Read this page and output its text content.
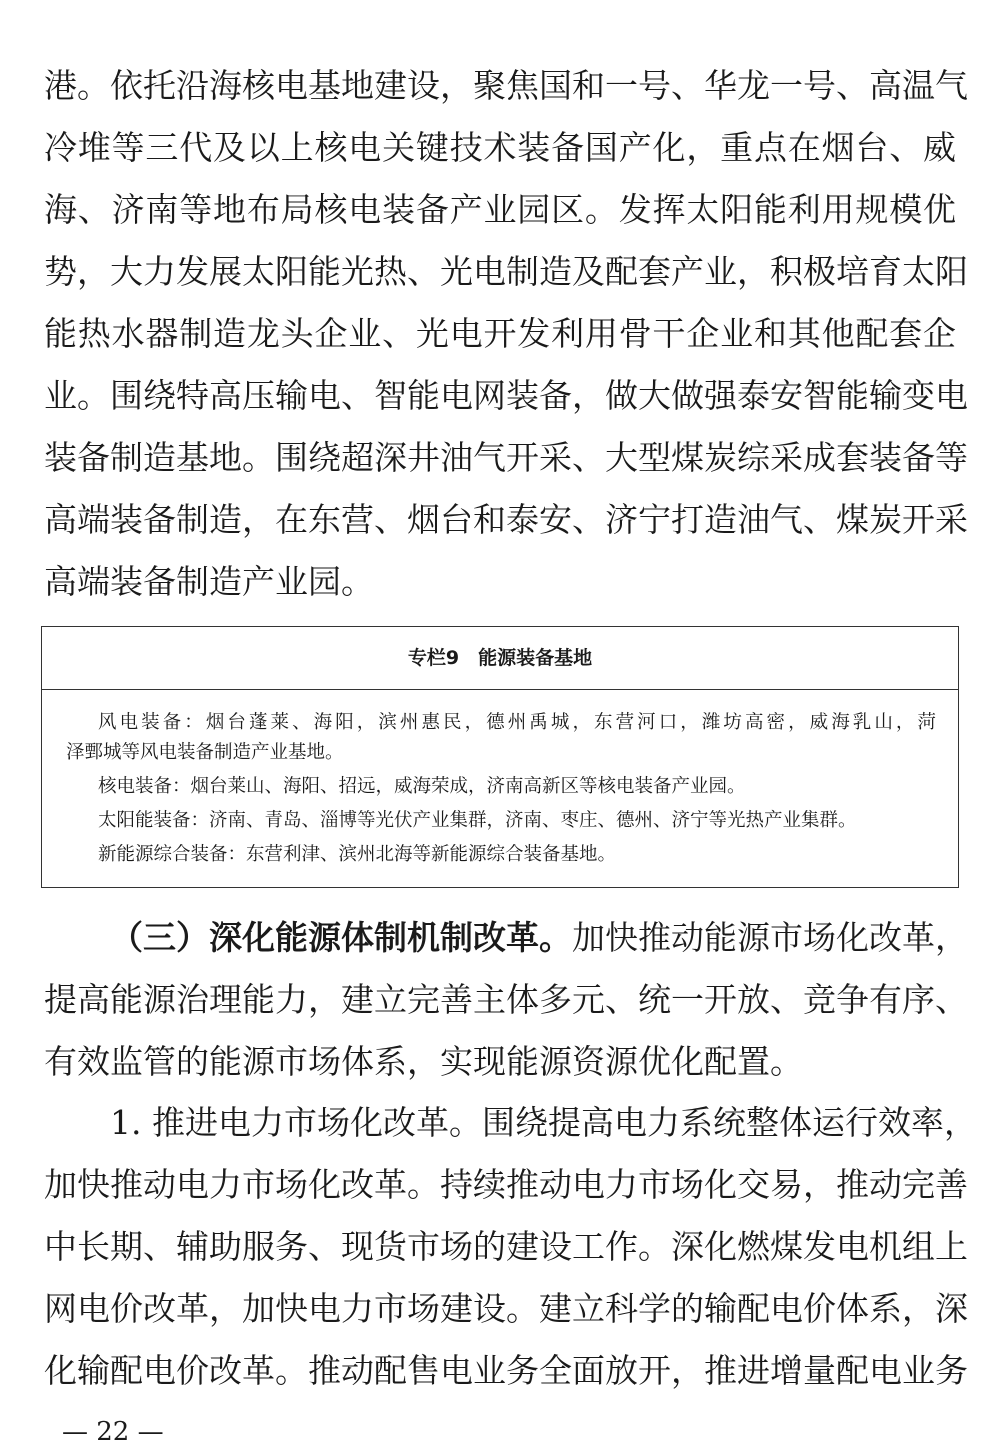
港。依托沿海核电基地建设，聚焦国和一号、华龙一号、高温气
冷堆等三代及以上核电关键技术装备国产化，重点在烟台、威
海、济南等地布局核电装备产业园区。发挥太阳能利用规模优
势，大力发展太阳能光热、光电制造及配套产业，积极培育太阳
能热水器制造龙头企业、光电开发利用骨干企业和其他配套企
业。围绕特高压输电、智能电网装备，做大做强泰安智能输变电
装备制造基地。围绕超深井油气开采、大型煤炭综采成套装备等
高端装备制造，在东营、烟台和泰安、济宁打造油气、煤炭开采
高端装备制造产业园。
专栏9　能源装备基地
风电装备：烟台蓬莱、海阳，滨州惠民，德州禹城，东营河口，潍坊高密，威海乳山，菏
泽鄄城等风电装备制造产业基地。
核电装备：烟台莱山、海阳、招远，威海荣成，济南高新区等核电装备产业园。
太阳能装备：济南、青岛、淄博等光伏产业集群，济南、枣庄、德州、济宁等光热产业集群。
新能源综合装备：东营利津、滨州北海等新能源综合装备基地。
（三）深化能源体制机制改革。加快推动能源市场化改革，
提高能源治理能力，建立完善主体多元、统一开放、竞争有序、
有效监管的能源市场体系，实现能源资源优化配置。
1. 推进电力市场化改革。围绕提高电力系统整体运行效率，
加快推动电力市场化改革。持续推动电力市场化交易，推动完善
中长期、辅助服务、现货市场的建设工作。深化燃煤发电机组上
网电价改革，加快电力市场建设。建立科学的输配电价体系，深
化输配电价改革。推动配售电业务全面放开，推进增量配电业务
— 22 —
